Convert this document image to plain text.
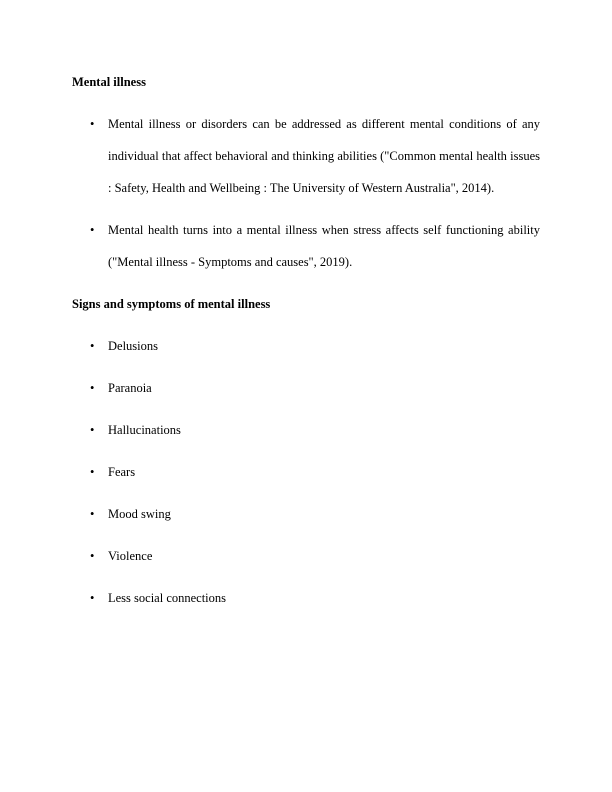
Mental illness
•	Mental illness or disorders can be addressed as different mental conditions of any individual that affect behavioral and thinking abilities ("Common mental health issues : Safety, Health and Wellbeing : The University of Western Australia", 2014).
•	Mental health turns into a mental illness when stress affects self functioning ability ("Mental illness - Symptoms and causes", 2019).
Signs and symptoms of mental illness
•	Delusions
•	Paranoia
•	Hallucinations
•	Fears
•	Mood swing
•	Violence
•	Less social connections
